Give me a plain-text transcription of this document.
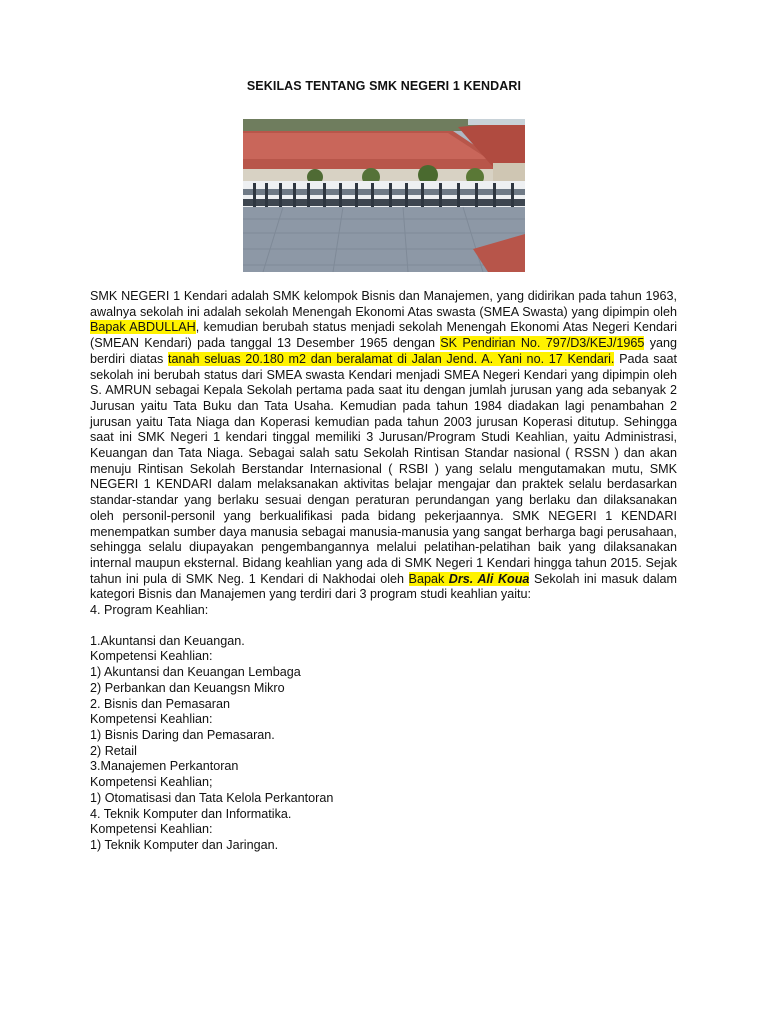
SEKILAS TENTANG SMK NEGERI 1 KENDARI

SMK NEGERI 1 Kendari adalah SMK kelompok Bisnis dan Manajemen, yang didirikan pada tahun 1963, awalnya sekolah ini adalah sekolah Menengah Ekonomi Atas swasta (SMEA Swasta) yang dipimpin oleh Bapak ABDULLAH, kemudian berubah status menjadi sekolah Menengah Ekonomi Atas Negeri Kendari (SMEAN Kendari) pada tanggal 13 Desember 1965 dengan SK Pendirian No. 797/D3/KEJ/1965 yang berdiri diatas tanah seluas 20.180 m2 dan beralamat di Jalan Jend. A. Yani no. 17 Kendari. Pada saat sekolah ini berubah status dari SMEA swasta Kendari menjadi SMEA Negeri Kendari yang dipimpin oleh S. AMRUN sebagai Kepala Sekolah pertama pada saat itu dengan jumlah jurusan yang ada sebanyak 2 Jurusan yaitu Tata Buku dan Tata Usaha. Kemudian pada tahun 1984 diadakan lagi penambahan 2 jurusan yaitu Tata Niaga dan Koperasi kemudian pada tahun 2003 jurusan Koperasi ditutup. Sehingga saat ini SMK Negeri 1 kendari tinggal memiliki 3 Jurusan/Program Studi Keahlian, yaitu Administrasi, Keuangan dan Tata Niaga. Sebagai salah satu Sekolah Rintisan Standar nasional ( RSSN ) dan akan menuju Rintisan Sekolah Berstandar Internasional ( RSBI ) yang selalu mengutamakan mutu, SMK NEGERI 1 KENDARI dalam melaksanakan aktivitas belajar mengajar dan praktek selalu berdasarkan standar-standar yang berlaku sesuai dengan peraturan perundangan yang berlaku dan dilaksanakan oleh personil-personil yang berkualifikasi pada bidang pekerjaannya. SMK NEGERI 1 KENDARI menempatkan sumber daya manusia sebagai manusia-manusia yang sangat berharga bagi perusahaan, sehingga selalu diupayakan pengembangannya melalui pelatihan-pelatihan baik yang dilaksanakan internal maupun eksternal. Bidang keahlian yang ada di SMK Negeri 1 Kendari hingga tahun 2015. Sejak tahun ini pula di SMK Neg. 1 Kendari di Nakhodai oleh Bapak Drs. Ali Koua Sekolah ini masuk dalam kategori Bisnis dan Manajemen yang terdiri dari 3 program studi keahlian yaitu:

4. Program Keahlian:

1.Akuntansi dan Keuangan.

Kompetensi Keahlian:

1) Akuntansi dan Keuangan Lembaga

2) Perbankan dan Keuangsn Mikro

2. Bisnis dan Pemasaran

Kompetensi Keahlian:

1) Bisnis Daring dan Pemasaran.

2) Retail

3.Manajemen Perkantoran

Kompetensi Keahlian;

1) Otomatisasi dan Tata Kelola Perkantoran

4. Teknik Komputer dan Informatika.

Kompetensi Keahlian:

1) Teknik Komputer dan Jaringan.
